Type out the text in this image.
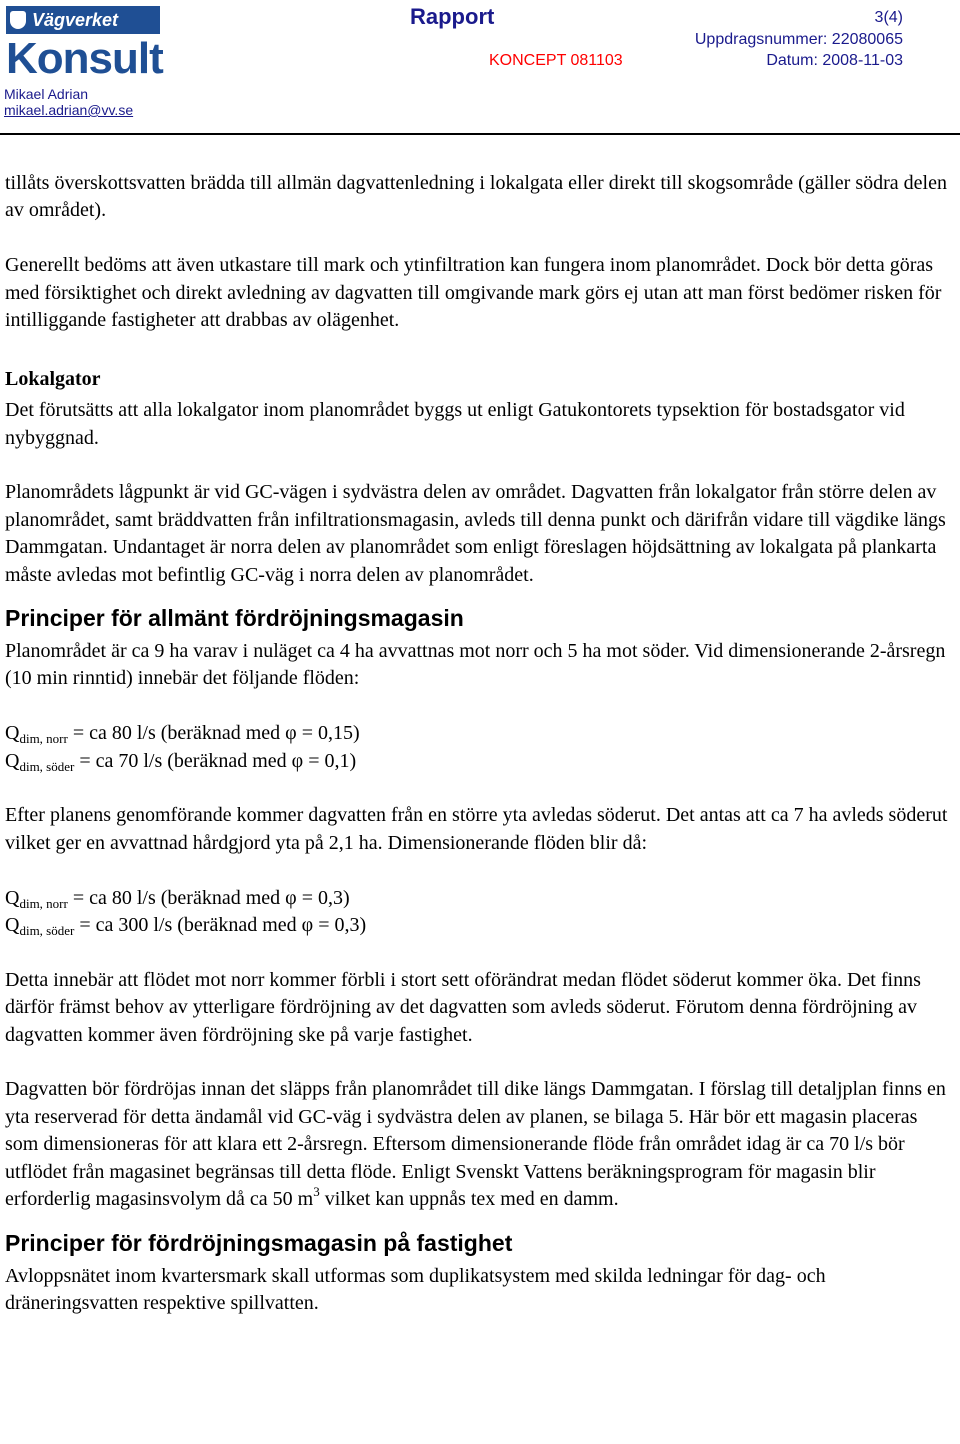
Vägverket
Konsult
Mikael Adrian
mikael.adrian@vv.se
Rapport	3(4)
Uppdragsnummer: 22080065
KONCEPT 081103	Datum: 2008-11-03

tillåts överskottsvatten brädda till allmän dagvattenledning i lokalgata eller direkt till skogsområde (gäller södra delen av området).

Generellt bedöms att även utkastare till mark och ytinfiltration kan fungera inom planområdet. Dock bör detta göras med försiktighet och direkt avledning av dagvatten till omgivande mark görs ej utan att man först bedömer risken för intilliggande fastigheter att drabbas av olägenhet.

Lokalgator

Det förutsätts att alla lokalgator inom planområdet byggs ut enligt Gatukontorets typsektion för bostadsgator vid nybyggnad.

Planområdets lågpunkt är vid GC-vägen i sydvästra delen av området. Dagvatten från lokalgator från större delen av planområdet, samt bräddvatten från infiltrationsmagasin, avleds till denna punkt och därifrån vidare till vägdike längs Dammgatan. Undantaget är norra delen av planområdet som enligt föreslagen höjdsättning av lokalgata på plankarta måste avledas mot befintlig GC-väg i norra delen av planområdet.

Principer för allmänt fördröjningsmagasin

Planområdet är ca 9 ha varav i nuläget ca 4 ha avvattnas mot norr och 5 ha mot söder. Vid dimensionerande 2-årsregn (10 min rinntid) innebär det följande flöden:

$Q_{dim, norr}$ = ca 80 l/s (beräknad med φ = 0,15)

$Q_{dim, söder}$ = ca 70 l/s (beräknad med φ = 0,1)

Efter planens genomförande kommer dagvatten från en större yta avledas söderut. Det antas att ca 7 ha avleds söderut vilket ger en avvattnad hårdgjord yta på 2,1 ha. Dimensionerande flöden blir då:

$Q_{dim, norr}$ = ca 80 l/s (beräknad med φ = 0,3)

$Q_{dim, söder}$ = ca 300 l/s (beräknad med φ = 0,3)

Detta innebär att flödet mot norr kommer förbli i stort sett oförändrat medan flödet söderut kommer öka. Det finns därför främst behov av ytterligare fördröjning av det dagvatten som avleds söderut. Förutom denna fördröjning av dagvatten kommer även fördröjning ske på varje fastighet.

Dagvatten bör fördröjas innan det släpps från planområdet till dike längs Dammgatan. I förslag till detaljplan finns en yta reserverad för detta ändamål vid GC-väg i sydvästra delen av planen, se bilaga 5. Här bör ett magasin placeras som dimensioneras för att klara ett 2-årsregn. Eftersom dimensionerande flöde från området idag är ca 70 l/s bör utflödet från magasinet begränsas till detta flöde. Enligt Svenskt Vattens beräkningsprogram för magasin blir erforderlig magasinsvolym då ca 50 $m^3$ vilket kan uppnås tex med en damm.

Principer för fördröjningsmagasin på fastighet

Avloppsnätet inom kvartersmark skall utformas som duplikatsystem med skilda ledningar för dag- och dräneringsvatten respektive spillvatten.
